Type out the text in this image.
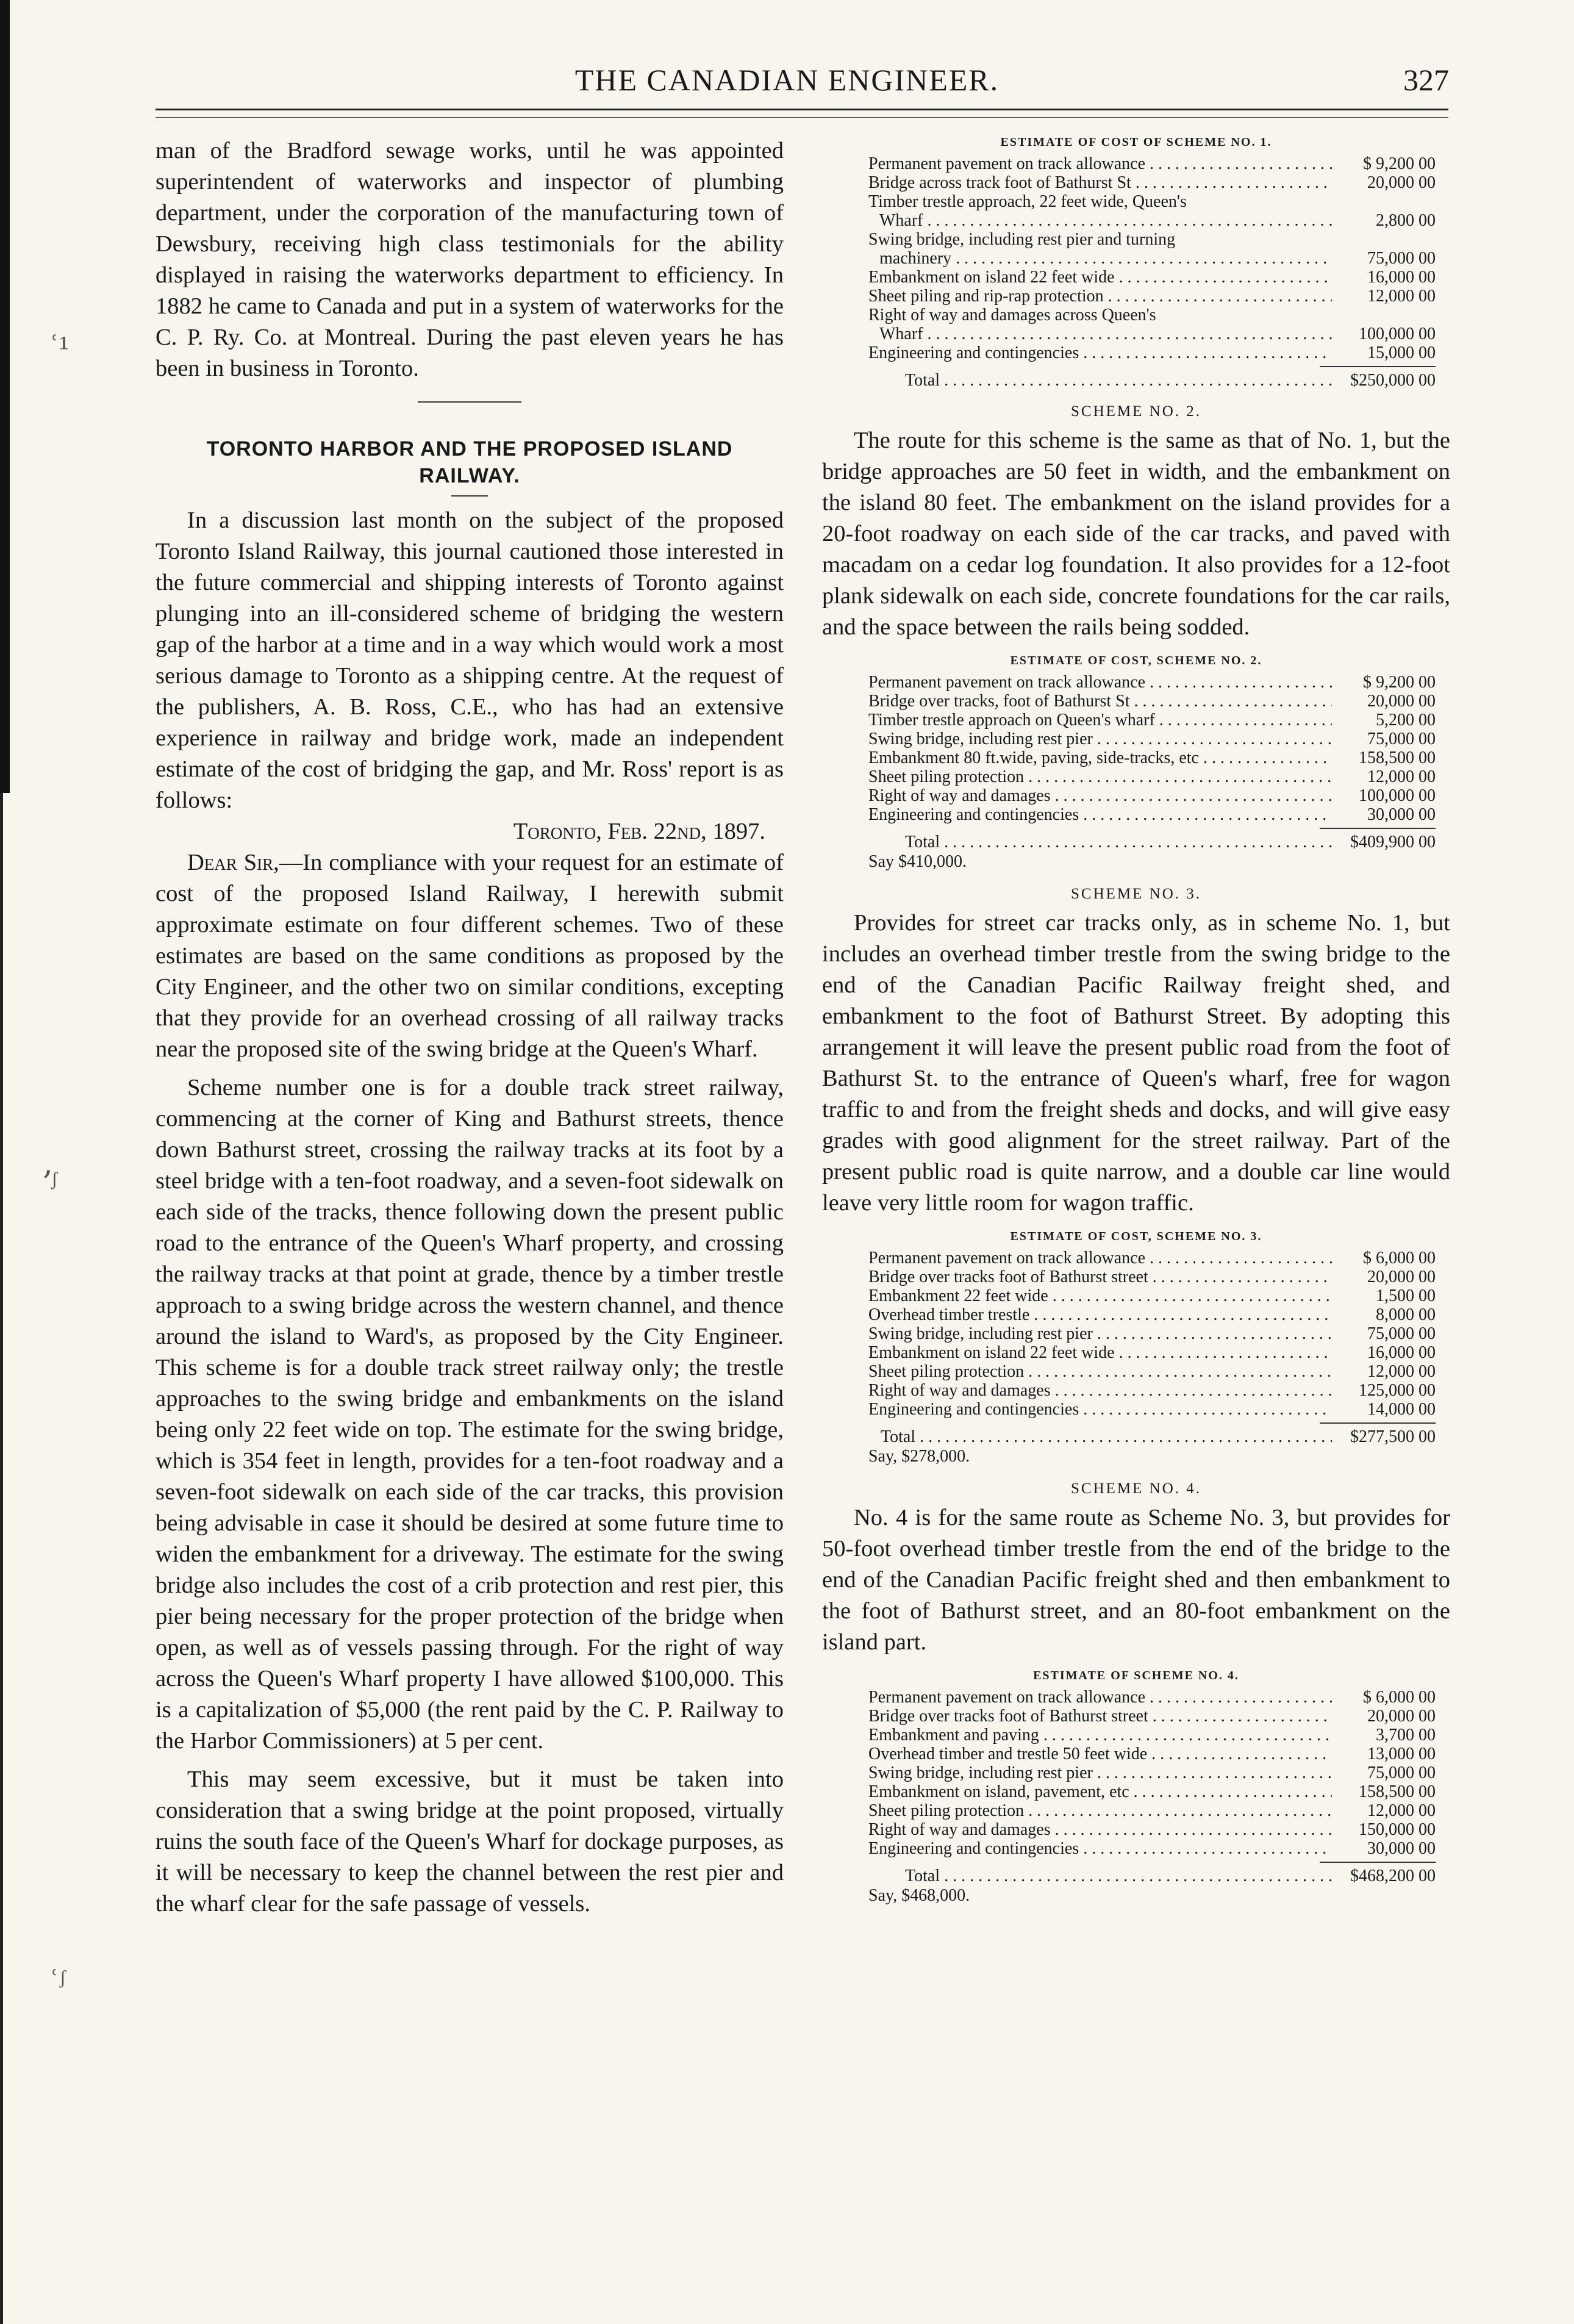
ʿ¹
՚ᶴ
ʿᶴ
THE CANADIAN ENGINEER.	327

man of the Bradford sewage works, until he was appointed superintendent of waterworks and inspector of plumbing department, under the corporation of the manufacturing town of Dewsbury, receiving high class testimonials for the ability displayed in raising the waterworks department to efficiency. In 1882 he came to Canada and put in a system of waterworks for the C. P. Ry. Co. at Montreal. During the past eleven years he has been in business in Toronto.

TORONTO HARBOR AND THE PROPOSED ISLAND RAILWAY.

In a discussion last month on the subject of the proposed Toronto Island Railway, this journal cautioned those interested in the future commercial and shipping interests of Toronto against plunging into an ill-considered scheme of bridging the western gap of the harbor at a time and in a way which would work a most serious damage to Toronto as a shipping centre. At the request of the publishers, A. B. Ross, C.E., who has had an extensive experience in railway and bridge work, made an independent estimate of the cost of bridging the gap, and Mr. Ross' report is as follows:

Toronto, Feb. 22nd, 1897.

Dear Sir,—In compliance with your request for an estimate of cost of the proposed Island Railway, I herewith submit approximate estimate on four different schemes. Two of these estimates are based on the same conditions as proposed by the City Engineer, and the other two on similar conditions, excepting that they provide for an overhead crossing of all railway tracks near the proposed site of the swing bridge at the Queen's Wharf.

Scheme number one is for a double track street railway, commencing at the corner of King and Bathurst streets, thence down Bathurst street, crossing the railway tracks at its foot by a steel bridge with a ten-foot roadway, and a seven-foot sidewalk on each side of the tracks, thence following down the present public road to the entrance of the Queen's Wharf property, and crossing the railway tracks at that point at grade, thence by a timber trestle approach to a swing bridge across the western channel, and thence around the island to Ward's, as proposed by the City Engineer. This scheme is for a double track street railway only; the trestle approaches to the swing bridge and embankments on the island being only 22 feet wide on top. The estimate for the swing bridge, which is 354 feet in length, provides for a ten-foot roadway and a seven-foot sidewalk on each side of the car tracks, this provision being advisable in case it should be desired at some future time to widen the embankment for a driveway. The estimate for the swing bridge also includes the cost of a crib protection and rest pier, this pier being necessary for the proper protection of the bridge when open, as well as of vessels passing through. For the right of way across the Queen's Wharf property I have allowed $100,000. This is a capitalization of $5,000 (the rent paid by the C. P. Railway to the Harbor Commissioners) at 5 per cent.

This may seem excessive, but it must be taken into consideration that a swing bridge at the point proposed, virtually ruins the south face of the Queen's Wharf for dockage purposes, as it will be necessary to keep the channel between the rest pier and the wharf clear for the safe passage of vessels.

ESTIMATE OF COST OF SCHEME NO. 1.
Permanent pavement on track allowance . . .	$ 9,200 00
Bridge across track foot of Bathurst St . . .	20,000 00
Timber trestle approach, 22 feet wide, Queen's
Wharf . . .	2,800 00
Swing bridge, including rest pier and turning
machinery . . .	75,000 00
Embankment on island 22 feet wide . . .	16,000 00
Sheet piling and rip-rap protection . . .	12,000 00
Right of way and damages across Queen's
Wharf . . .	100,000 00
Engineering and contingencies . . .	15,000 00
Total . . .	$250,000 00
SCHEME NO. 2.

The route for this scheme is the same as that of No. 1, but the bridge approaches are 50 feet in width, and the embankment on the island 80 feet. The embankment on the island provides for a 20-foot roadway on each side of the car tracks, and paved with macadam on a cedar log foundation. It also provides for a 12-foot plank sidewalk on each side, concrete foundations for the car rails, and the space between the rails being sodded.

ESTIMATE OF COST, SCHEME NO. 2.
Permanent pavement on track allowance . . .	$ 9,200 00
Bridge over tracks, foot of Bathurst St . . .	20,000 00
Timber trestle approach on Queen's wharf . . .	5,200 00
Swing bridge, including rest pier . . .	75,000 00
Embankment 80 ft.wide, paving, side-tracks, etc . . .	158,500 00
Sheet piling protection . . .	12,000 00
Right of way and damages . . .	100,000 00
Engineering and contingencies . . .	30,000 00
Total . . .	$409,900 00
Say $410,000.
SCHEME NO. 3.

Provides for street car tracks only, as in scheme No. 1, but includes an overhead timber trestle from the swing bridge to the end of the Canadian Pacific Railway freight shed, and embankment to the foot of Bathurst Street. By adopting this arrangement it will leave the present public road from the foot of Bathurst St. to the entrance of Queen's wharf, free for wagon traffic to and from the freight sheds and docks, and will give easy grades with good alignment for the street railway. Part of the present public road is quite narrow, and a double car line would leave very little room for wagon traffic.

ESTIMATE OF COST, SCHEME NO. 3.
Permanent pavement on track allowance . . .	$ 6,000 00
Bridge over tracks foot of Bathurst street . . .	20,000 00
Embankment 22 feet wide . . .	1,500 00
Overhead timber trestle . . .	8,000 00
Swing bridge, including rest pier . . .	75,000 00
Embankment on island 22 feet wide . . .	16,000 00
Sheet piling protection . . .	12,000 00
Right of way and damages . . .	125,000 00
Engineering and contingencies . . .	14,000 00
Total . . .	$277,500 00
Say, $278,000.
SCHEME NO. 4.

No. 4 is for the same route as Scheme No. 3, but provides for 50-foot overhead timber trestle from the end of the bridge to the end of the Canadian Pacific freight shed and then embankment to the foot of Bathurst street, and an 80-foot embankment on the island part.

ESTIMATE OF SCHEME NO. 4.
Permanent pavement on track allowance . . .	$ 6,000 00
Bridge over tracks foot of Bathurst street . . .	20,000 00
Embankment and paving . . .	3,700 00
Overhead timber and trestle 50 feet wide . . .	13,000 00
Swing bridge, including rest pier . . .	75,000 00
Embankment on island, pavement, etc . . .	158,500 00
Sheet piling protection . . .	12,000 00
Right of way and damages . . .	150,000 00
Engineering and contingencies . . .	30,000 00
Total . . .	$468,200 00
Say, $468,000.
